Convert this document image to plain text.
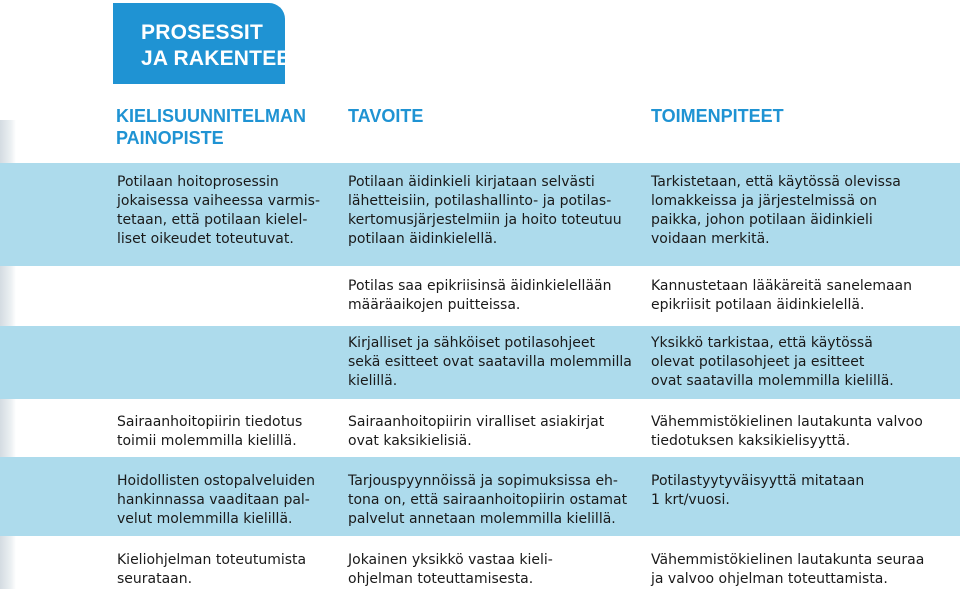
PROSESSIT
JA RAKENTEET
KIELISUUNNITELMAN
PAINOPISTE
TAVOITE	TOIMENPITEET
Potilaan hoitoprosessin
jokaisessa vaiheessa varmis-
tetaan, että potilaan kielel-
liset oikeudet toteutuvat.
Potilaan äidinkieli kirjataan selvästi
lähetteisiin, potilashallinto- ja potilas-
kertomusjärjestelmiin ja hoito toteutuu
potilaan äidinkielellä.
Tarkistetaan, että käytössä olevissa
lomakkeissa ja järjestelmissä on
paikka, johon potilaan äidinkieli
voidaan merkitä.
Potilas saa epikriisinsä äidinkielellään
määräaikojen puitteissa.
Kannustetaan lääkäreitä sanelemaan
epikriisit potilaan äidinkielellä.
Kirjalliset ja sähköiset potilasohjeet
sekä esitteet ovat saatavilla molemmilla
kielillä.
Yksikkö tarkistaa, että käytössä
olevat potilasohjeet ja esitteet
ovat saatavilla molemmilla kielillä.
Sairaanhoitopiirin tiedotus
toimii molemmilla kielillä.
Sairaanhoitopiirin viralliset asiakirjat
ovat kaksikielisiä.
Vähemmistökielinen lautakunta valvoo
tiedotuksen kaksikielisyyttä.
Hoidollisten ostopalveluiden
hankinnassa vaaditaan pal-
velut molemmilla kielillä.
Tarjouspyynnöissä ja sopimuksissa eh-
tona on, että sairaanhoitopiirin ostamat
palvelut annetaan molemmilla kielillä.
Potilastyytyväisyyttä mitataan
1 krt/vuosi.
Kieliohjelman toteutumista
seurataan.
Jokainen yksikkö vastaa kieli-
ohjelman toteuttamisesta.
Vähemmistökielinen lautakunta seuraa
ja valvoo ohjelman toteuttamista.
